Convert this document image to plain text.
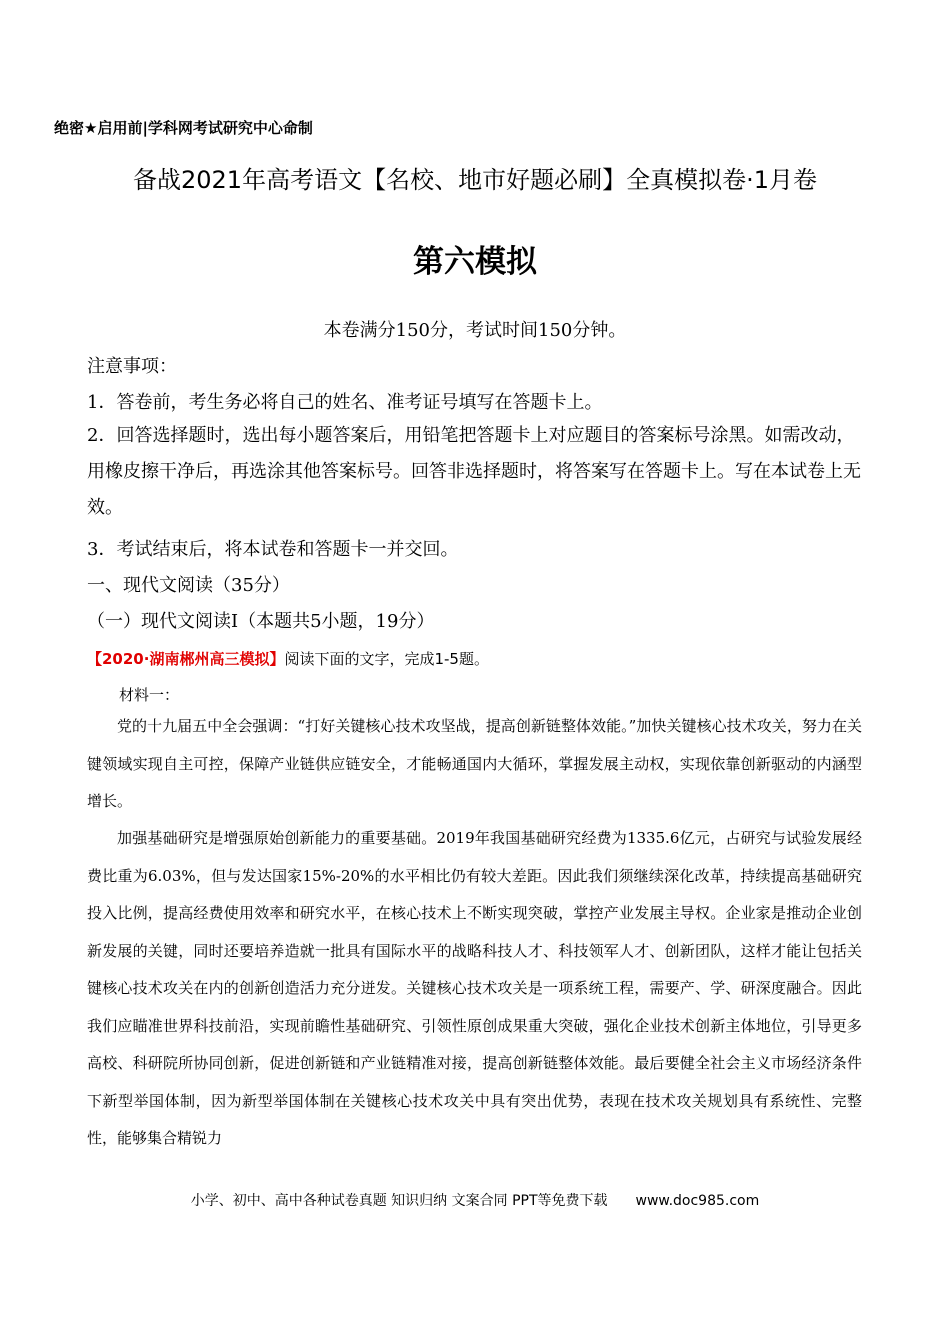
绝密★启用前|学科网考试研究中心命制

备战2021年高考语文【名校、地市好题必刷】全真模拟卷·1月卷

第六模拟

本卷满分150分，考试时间150分钟。

注意事项：

1．答卷前，考生务必将自己的姓名、准考证号填写在答题卡上。

2．回答选择题时，选出每小题答案后，用铅笔把答题卡上对应题目的答案标号涂黑。如需改动，用橡皮擦干净后，再选涂其他答案标号。回答非选择题时，将答案写在答题卡上。写在本试卷上无效。

3．考试结束后，将本试卷和答题卡一并交回。

一、现代文阅读（35分）

（一）现代文阅读Ⅰ（本题共5小题，19分）

【2020·湖南郴州高三模拟】阅读下面的文字，完成1-5题。

材料一：

党的十九届五中全会强调：“打好关键核心技术攻坚战，提高创新链整体效能。”加快关键核心技术攻关，努力在关键领域实现自主可控，保障产业链供应链安全，才能畅通国内大循环，掌握发展主动权，实现依靠创新驱动的内涵型增长。

加强基础研究是增强原始创新能力的重要基础。2019年我国基础研究经费为1335.6亿元，占研究与试验发展经费比重为6.03%，但与发达国家15%-20%的水平相比仍有较大差距。因此我们须继续深化改革，持续提高基础研究投入比例，提高经费使用效率和研究水平，在核心技术上不断实现突破，掌控产业发展主导权。企业家是推动企业创新发展的关键，同时还要培养造就一批具有国际水平的战略科技人才、科技领军人才、创新团队，这样才能让包括关键核心技术攻关在内的创新创造活力充分迸发。关键核心技术攻关是一项系统工程，需要产、学、研深度融合。因此我们应瞄准世界科技前沿，实现前瞻性基础研究、引领性原创成果重大突破，强化企业技术创新主体地位，引导更多高校、科研院所协同创新，促进创新链和产业链精准对接，提高创新链整体效能。最后要健全社会主义市场经济条件下新型举国体制，因为新型举国体制在关键核心技术攻关中具有突出优势，表现在技术攻关规划具有系统性、完整性，能够集合精锐力

小学、初中、高中各种试卷真题 知识归纳 文案合同 PPT等免费下载 www.doc985.com
